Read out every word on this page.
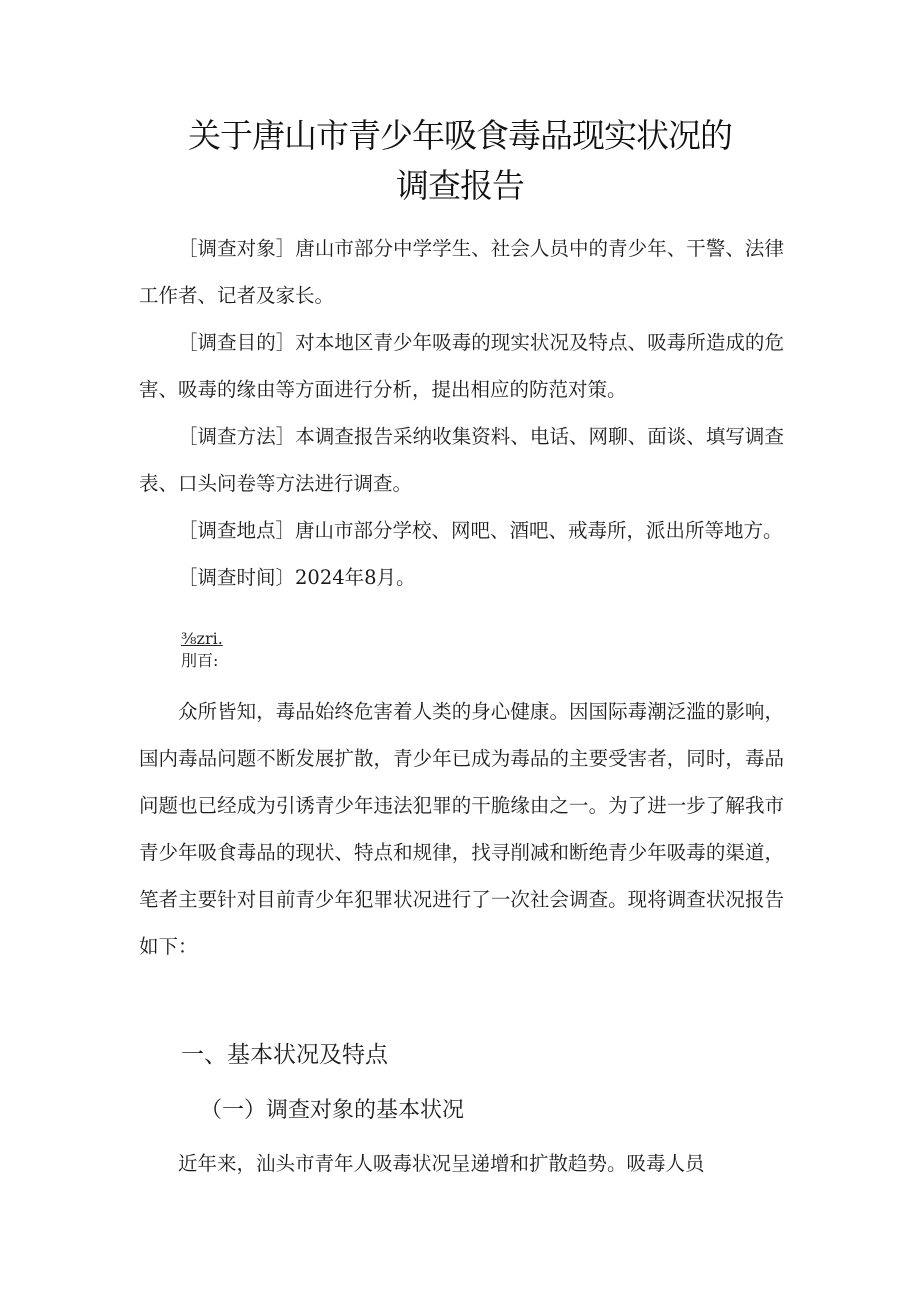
关于唐山市青少年吸食毒品现实状况的
调查报告

［调查对象］唐山市部分中学学生、社会人员中的青少年、干警、法律工作者、记者及家长。

［调查目的］对本地区青少年吸毒的现实状况及特点、吸毒所造成的危害、吸毒的缘由等方面进行分析，提出相应的防范对策。

［调查方法］本调查报告采纳收集资料、电话、网聊、面谈、填写调查表、口头问卷等方法进行调查。

［调查地点］唐山市部分学校、网吧、酒吧、戒毒所，派出所等地方。

［调查时间〕2024年8月。

⅜zri.
刖百:

众所皆知，毒品始终危害着人类的身心健康。因国际毒潮泛滥的影响，国内毒品问题不断发展扩散，青少年已成为毒品的主要受害者，同时，毒品问题也已经成为引诱青少年违法犯罪的干脆缘由之一。为了进一步了解我市青少年吸食毒品的现状、特点和规律，找寻削减和断绝青少年吸毒的渠道，笔者主要针对目前青少年犯罪状况进行了一次社会调查。现将调查状况报告如下：

一、基本状况及特点
（一）调查对象的基本状况

近年来，汕头市青年人吸毒状况呈递增和扩散趋势。吸毒人员
